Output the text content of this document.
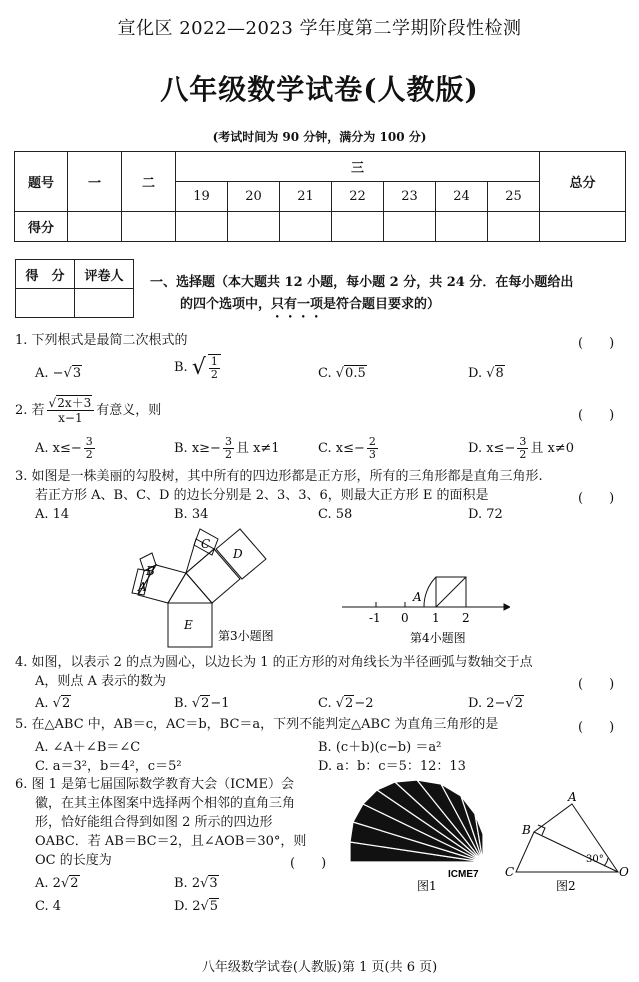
宣化区 2022—2023 学年度第二学期阶段性检测
八年级数学试卷(人教版)
(考试时间为 90 分钟，满分为 100 分)
题号	一	二	三							总分
			19	20	21	22	23	24	25	
得分										
得　分	评卷人
	一、选择题（本大题共 12 小题，每小题 2 分，共 24 分．在每小题给出
的四个选项中，只有一项是符合题目要求的）
1. 下列根式是最简二次根式的	(　　)
A. −√3	B. √ $\frac{1}{2}$	C. √0.5	D. √8
2. 若 $\frac{√2x+3}{x-1}$ 有意义，则	(　　)
A. $x\le- \frac{3}{2}$	B. $x\ge- \frac{3}{2}$ 且 x≠1	C. $x\le- \frac{2}{3}$	D. $x\le- \frac{3}{2}$ 且 x≠0
3. 如图是一株美丽的勾股树，其中所有的四边形都是正方形，所有的三角形都是直角三角形.
若正方形 A、B、C、D 的边长分别是 2、3、3、6，则最大正方形 E 的面积是	(　　)
A. 14	B. 34	C. 58	D. 72
A
B
C
D
E
第3小题图
A
-1 0 1 2
第4小题图
4. 如图，以表示 2 的点为圆心，以边长为 1 的正方形的对角线长为半径画弧与数轴交于点
A，则点 A 表示的数为	(　　)
A. √2	B. √2−1	C. √2−2	D. 2−√2
5. 在△ABC 中，AB＝c，AC＝b，BC＝a，下列不能判定△ABC 为直角三角形的是	(　　)
A. ∠A＋∠B＝∠C	B. (c＋b)(c−b) ＝a²
C. a＝3²，b＝4²，c＝5²	D. a：b：c＝5：12：13
6. 图 1 是第七届国际数学教育大会（ICME）会
徽，在其主体图案中选择两个相邻的直角三角
形，恰好能组合得到如图 2 所示的四边形
OABC．若 AB＝BC＝2，且∠AOB＝30°，则
OC 的长度为	(　　)
A. 2√2	B. 2√3
C. 4	D. 2√5
ICME7
图1
A
B
C	O
30°
图2
八年级数学试卷(人教版)第 1 页(共 6 页)
